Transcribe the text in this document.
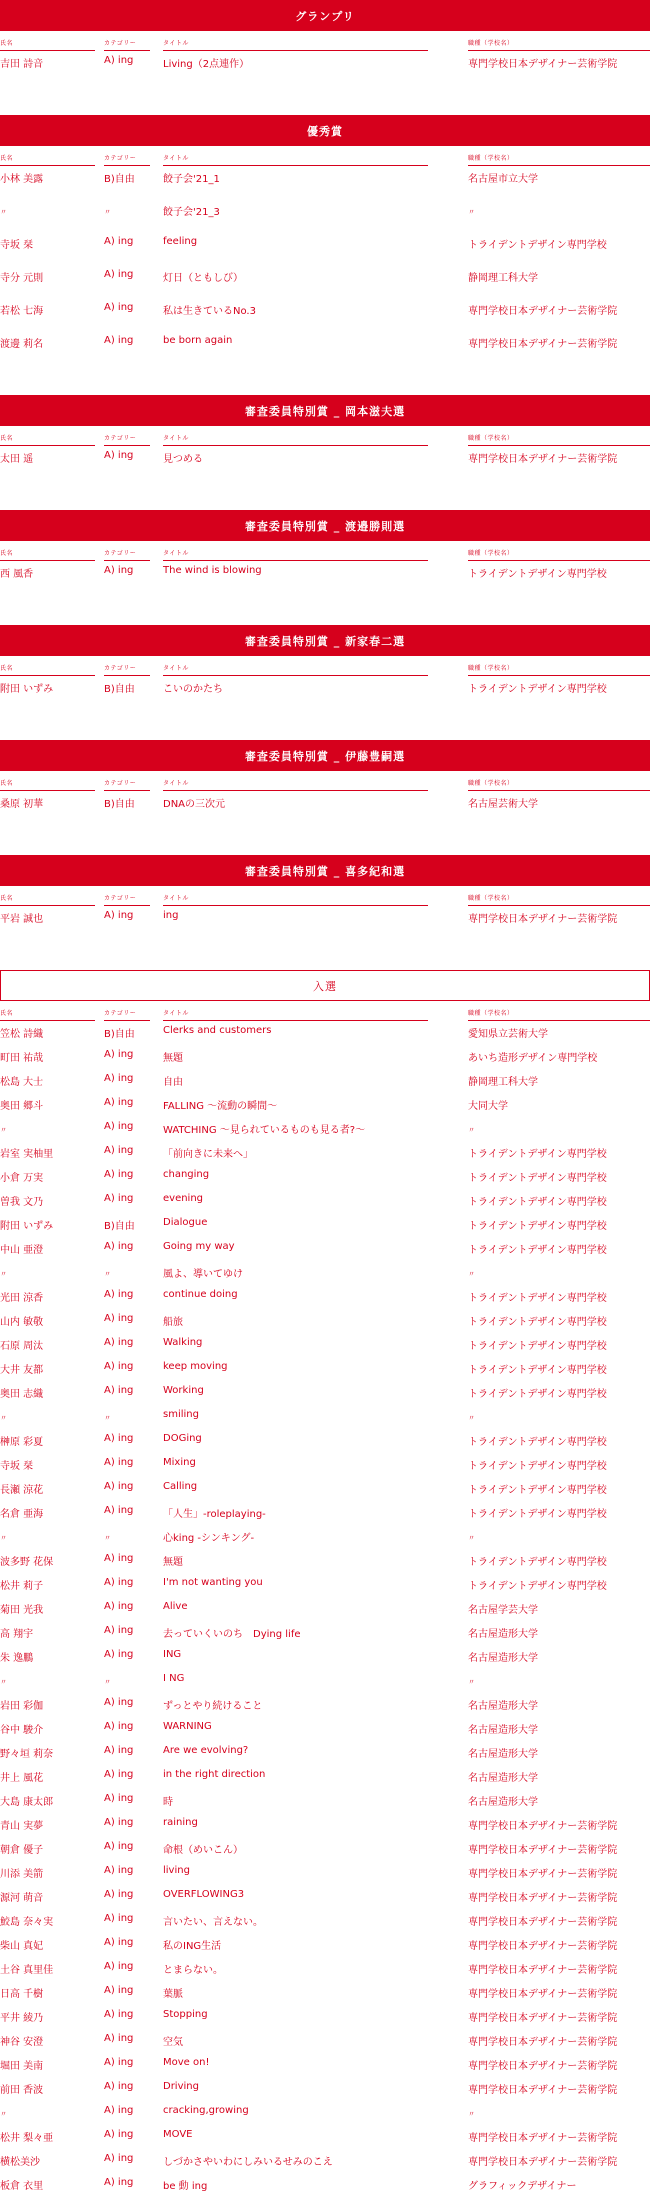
グランプリ
氏名	カテゴリー	タイトル	職種（学校名）
吉田 詩音	A) ing	Living（2点連作）	専門学校日本デザイナー芸術学院
優秀賞
氏名	カテゴリー	タイトル	職種（学校名）
小林 美露	B)自由	餃子会'21_1	名古屋市立大学
〃	〃	餃子会'21_3	〃
寺坂 栞	A) ing	feeling	トライデントデザイン専門学校
寺分 元則	A) ing	灯日（ともしび）	静岡理工科大学
若松 七海	A) ing	私は生きているNo.3	専門学校日本デザイナー芸術学院
渡邊 莉名	A) ing	be born again	専門学校日本デザイナー芸術学院
審査委員特別賞 _ 岡本滋夫選
氏名	カテゴリー	タイトル	職種（学校名）
太田 遥	A) ing	見つめる	専門学校日本デザイナー芸術学院
審査委員特別賞 _ 渡邉勝則選
氏名	カテゴリー	タイトル	職種（学校名）
西 風香	A) ing	The wind is blowing	トライデントデザイン専門学校
審査委員特別賞 _ 新家春二選
氏名	カテゴリー	タイトル	職種（学校名）
附田 いずみ	B)自由	こいのかたち	トライデントデザイン専門学校
審査委員特別賞 _ 伊藤豊嗣選
氏名	カテゴリー	タイトル	職種（学校名）
桑原 初華	B)自由	DNAの三次元	名古屋芸術大学
審査委員特別賞 _ 喜多紀和選
氏名	カテゴリー	タイトル	職種（学校名）
平岩 誠也	A) ing	ing	専門学校日本デザイナー芸術学院
入選
氏名	カテゴリー	タイトル	職種（学校名）
笠松 詩織	B)自由	Clerks and customers	愛知県立芸術大学
町田 祐哉	A) ing	無題	あいち造形デザイン専門学校
松島 大士	A) ing	自由	静岡理工科大学
奥田 郷斗	A) ing	FALLING 〜流動の瞬間〜	大同大学
〃	A) ing	WATCHING 〜見られているものも見る者?〜	〃
岩室 実柚里	A) ing	「前向きに未来へ」	トライデントデザイン専門学校
小倉 万実	A) ing	changing	トライデントデザイン専門学校
曽我 文乃	A) ing	evening	トライデントデザイン専門学校
附田 いずみ	B)自由	Dialogue	トライデントデザイン専門学校
中山 亜澄	A) ing	Going my way	トライデントデザイン専門学校
〃	〃	風よ、導いてゆけ	〃
光田 涼香	A) ing	continue doing	トライデントデザイン専門学校
山内 敏敬	A) ing	船旅	トライデントデザイン専門学校
石原 周汰	A) ing	Walking	トライデントデザイン専門学校
大井 友都	A) ing	keep moving	トライデントデザイン専門学校
奥田 志織	A) ing	Working	トライデントデザイン専門学校
〃	〃	smiling	〃
榊原 彩夏	A) ing	DOGing	トライデントデザイン専門学校
寺坂 栞	A) ing	Mixing	トライデントデザイン専門学校
長瀬 涼花	A) ing	Calling	トライデントデザイン専門学校
名倉 亜海	A) ing	「人生」-roleplaying-	トライデントデザイン専門学校
〃	〃	心king -シンキング-	〃
波多野 花保	A) ing	無題	トライデントデザイン専門学校
松井 莉子	A) ing	I'm not wanting you	トライデントデザイン専門学校
菊田 光我	A) ing	Alive	名古屋学芸大学
高 翔宇	A) ing	去っていくいのち　Dying life	名古屋造形大学
朱 逸鵬	A) ing	ING	名古屋造形大学
〃	〃	I NG	〃
岩田 彩伽	A) ing	ずっとやり続けること	名古屋造形大学
谷中 駿介	A) ing	WARNING	名古屋造形大学
野々垣 莉奈	A) ing	Are we evolving?	名古屋造形大学
井上 風花	A) ing	in the right direction	名古屋造形大学
大島 康太郎	A) ing	時	名古屋造形大学
青山 実夢	A) ing	raining	専門学校日本デザイナー芸術学院
朝倉 優子	A) ing	命根（めいこん）	専門学校日本デザイナー芸術学院
川添 美箭	A) ing	living	専門学校日本デザイナー芸術学院
源河 萌音	A) ing	OVERFLOWING3	専門学校日本デザイナー芸術学院
鮫島 奈々実	A) ing	言いたい、言えない。	専門学校日本デザイナー芸術学院
柴山 真妃	A) ing	私のING生活	専門学校日本デザイナー芸術学院
土谷 真里佳	A) ing	とまらない。	専門学校日本デザイナー芸術学院
日高 千樹	A) ing	葉脈	専門学校日本デザイナー芸術学院
平井 綾乃	A) ing	Stopping	専門学校日本デザイナー芸術学院
神谷 安澄	A) ing	空気	専門学校日本デザイナー芸術学院
堀田 美南	A) ing	Move on!	専門学校日本デザイナー芸術学院
前田 香波	A) ing	Driving	専門学校日本デザイナー芸術学院
〃	A) ing	cracking,growing	〃
松井 梨々亜	A) ing	MOVE	専門学校日本デザイナー芸術学院
横松美沙	A) ing	しづかさやいわにしみいるせみのこえ	専門学校日本デザイナー芸術学院
板倉 衣里	A) ing	be 動 ing	グラフィックデザイナー
